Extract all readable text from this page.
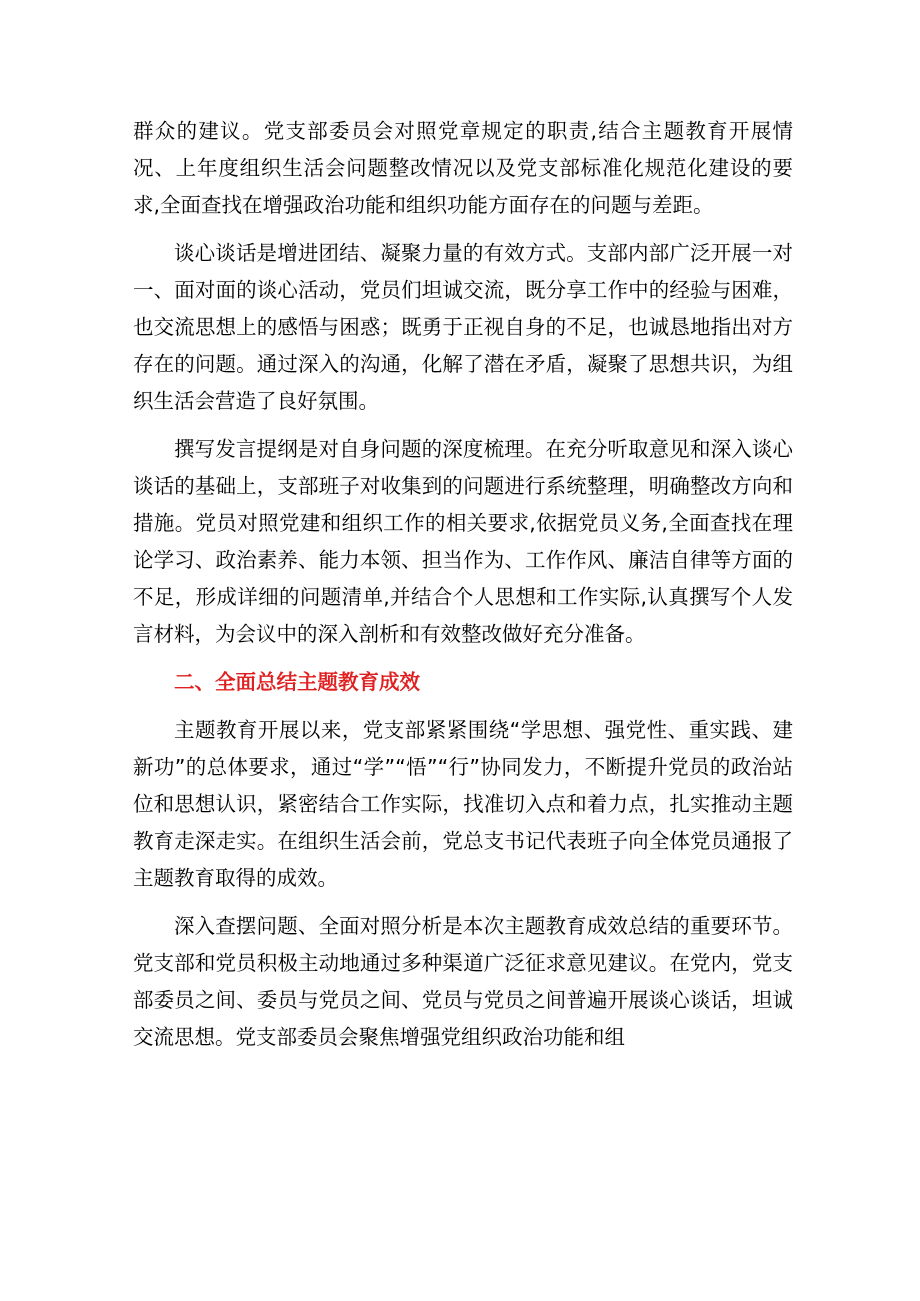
群众的建议。党支部委员会对照党章规定的职责,结合主题教育开展情况、上年度组织生活会问题整改情况以及党支部标准化规范化建设的要求,全面查找在增强政治功能和组织功能方面存在的问题与差距。

谈心谈话是增进团结、凝聚力量的有效方式。支部内部广泛开展一对一、面对面的谈心活动，党员们坦诚交流，既分享工作中的经验与困难，也交流思想上的感悟与困惑；既勇于正视自身的不足，也诚恳地指出对方存在的问题。通过深入的沟通，化解了潜在矛盾，凝聚了思想共识，为组织生活会营造了良好氛围。

撰写发言提纲是对自身问题的深度梳理。在充分听取意见和深入谈心谈话的基础上，支部班子对收集到的问题进行系统整理，明确整改方向和措施。党员对照党建和组织工作的相关要求,依据党员义务,全面查找在理论学习、政治素养、能力本领、担当作为、工作作风、廉洁自律等方面的不足，形成详细的问题清单,并结合个人思想和工作实际,认真撰写个人发言材料，为会议中的深入剖析和有效整改做好充分准备。

二、全面总结主题教育成效

主题教育开展以来，党支部紧紧围绕“学思想、强党性、重实践、建新功”的总体要求，通过“学”“悟”“行”协同发力，不断提升党员的政治站位和思想认识，紧密结合工作实际，找准切入点和着力点，扎实推动主题教育走深走实。在组织生活会前，党总支书记代表班子向全体党员通报了主题教育取得的成效。

深入查摆问题、全面对照分析是本次主题教育成效总结的重要环节。党支部和党员积极主动地通过多种渠道广泛征求意见建议。在党内，党支部委员之间、委员与党员之间、党员与党员之间普遍开展谈心谈话，坦诚交流思想。党支部委员会聚焦增强党组织政治功能和组
